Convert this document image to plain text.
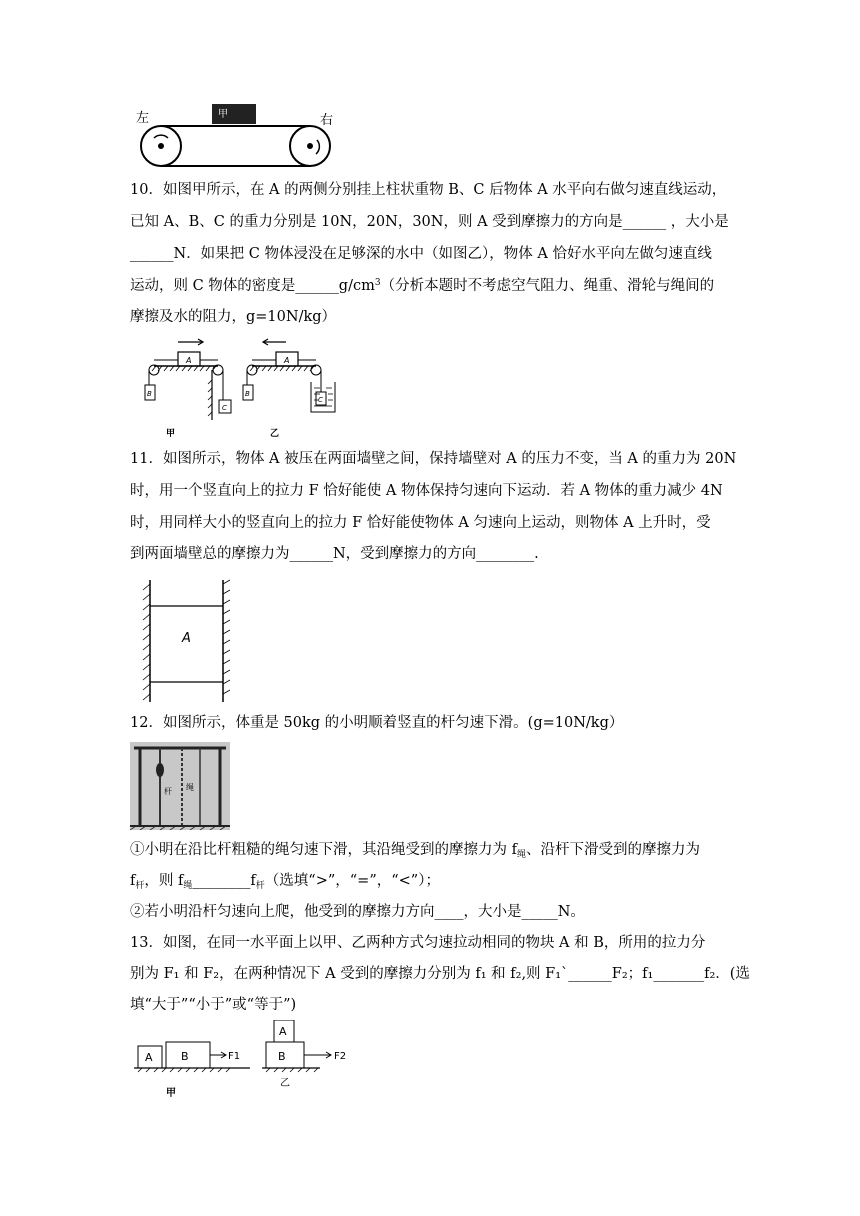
左	右
甲
10．如图甲所示，在 A 的两侧分别挂上柱状重物 B、C 后物体 A 水平向右做匀速直线运动，
已知 A、B、C 的重力分别是 10N，20N，30N，则 A 受到摩擦力的方向是______ ，大小是
______N．如果把 C 物体浸没在足够深的水中（如图乙），物体 A 恰好水平向左做匀速直线
运动，则 C 物体的密度是$\_\_\_\_\_\_g/cm^3$（分析本题时不考虑空气阻力、绳重、滑轮与绳间的
摩擦及水的阻力，g=10N/kg）
A
B
C
甲
A
B
C
乙
11．如图所示，物体 A 被压在两面墙壁之间，保持墙壁对 A 的压力不变，当 A 的重力为 20N
时，用一个竖直向上的拉力 F 恰好能使 A 物体保持匀速向下运动．若 A 物体的重力减少 4N
时，用同样大小的竖直向上的拉力 F 恰好能使物体 A 匀速向上运动，则物体 A 上升时，受
到两面墙壁总的摩擦力为______N，受到摩擦力的方向________.
A
12．如图所示，体重是 50kg 的小明顺着竖直的杆匀速下滑。(g=10N/kg）
杆 绳
①小明在沿比杆粗糙的绳匀速下滑，其沿绳受到的摩擦力为 $f_绳$、沿杆下滑受到的摩擦力为
$f_杆$，则 $f_绳\_\_\_\_\_\_\_\_f_杆$（选填“>”，“=”，“<”）；
②若小明沿杆匀速向上爬，他受到的摩擦力方向____，大小是_____N。
13．如图，在同一水平面上以甲、乙两种方式匀速拉动相同的物块 A 和 B，所用的拉力分
别为 F₁ 和 F₂，在两种情况下 A 受到的摩擦力分别为 f₁ 和 f₂,则 F₁`______F₂；f₁_______f₂．(选
填“大于”“小于”或“等于”)
A	B	F1
甲
A
B	F2
乙
